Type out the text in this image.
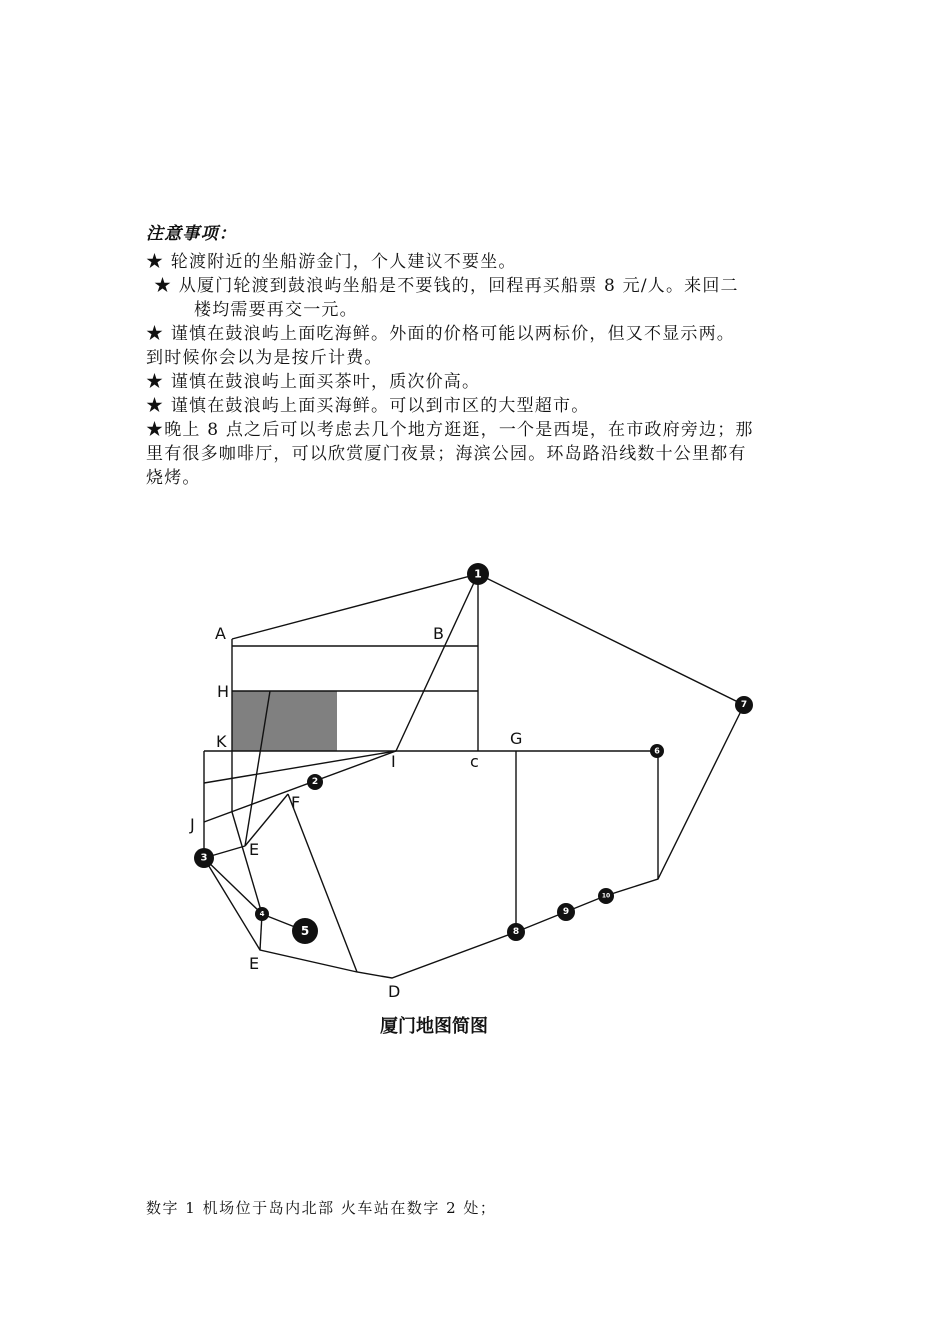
注意事项：

★ 轮渡附近的坐船游金门，个人建议不要坐。

★ 从厦门轮渡到鼓浪屿坐船是不要钱的，回程再买船票 8 元/人。来回二

楼均需要再交一元。

★ 谨慎在鼓浪屿上面吃海鲜。外面的价格可能以两标价，但又不显示两。

到时候你会以为是按斤计费。

★ 谨慎在鼓浪屿上面买茶叶，质次价高。

★ 谨慎在鼓浪屿上面买海鲜。可以到市区的大型超市。

★晚上 8 点之后可以考虑去几个地方逛逛，一个是西堤，在市政府旁边；那

里有很多咖啡厅，可以欣赏厦门夜景；海滨公园。环岛路沿线数十公里都有

烧烤。

A	B
H
K
I	c
G
J
F
E
E
D
1
2
3
4
5
6
7
8
9
10
厦门地图简图
数字 1 机场位于岛内北部 火车站在数字 2 处；
